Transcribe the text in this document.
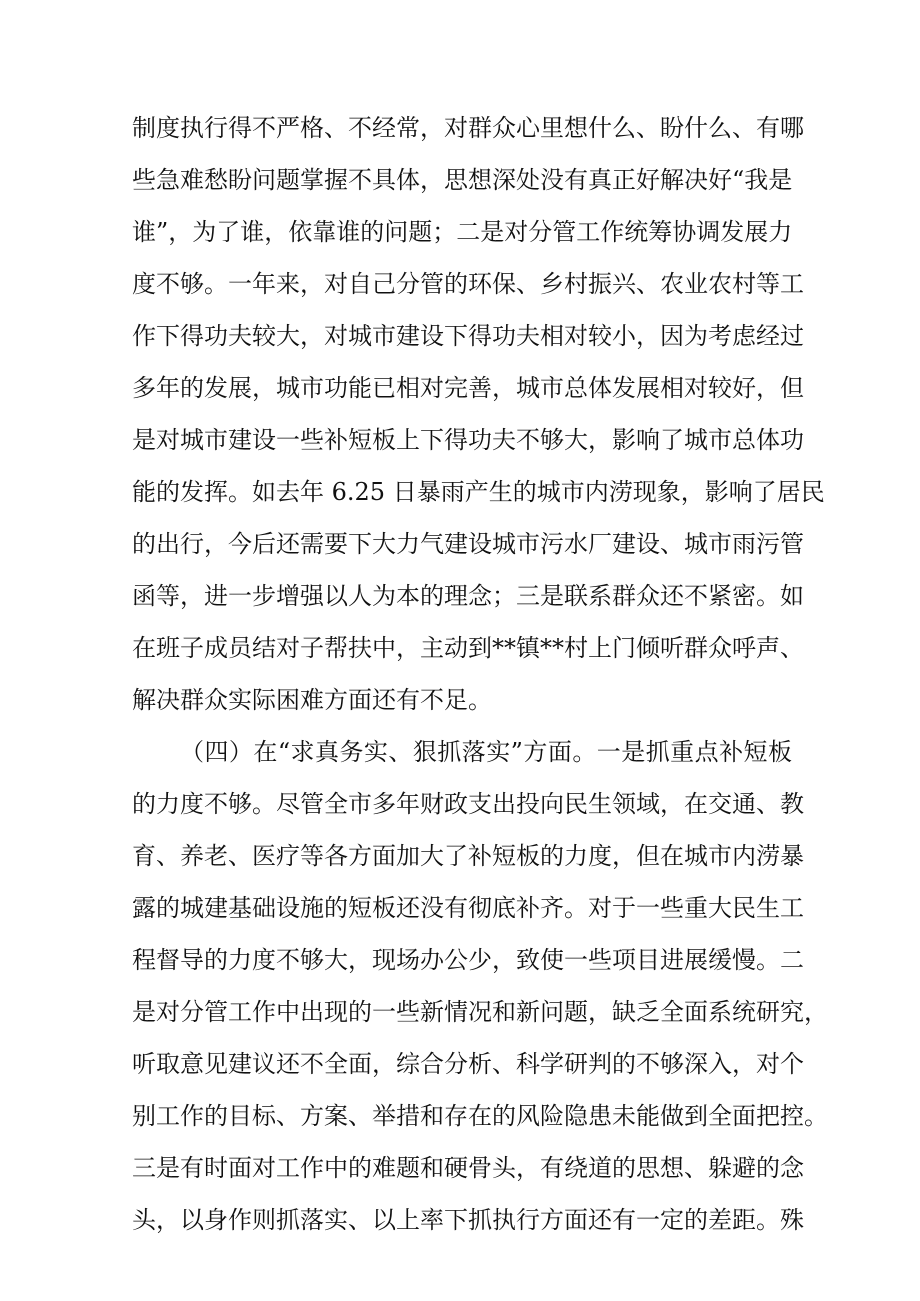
制度执行得不严格、不经常，对群众心里想什么、盼什么、有哪

些急难愁盼问题掌握不具体，思想深处没有真正好解决好“我是

谁”，为了谁，依靠谁的问题；二是对分管工作统筹协调发展力

度不够。一年来，对自己分管的环保、乡村振兴、农业农村等工

作下得功夫较大，对城市建设下得功夫相对较小，因为考虑经过

多年的发展，城市功能已相对完善，城市总体发展相对较好，但

是对城市建设一些补短板上下得功夫不够大，影响了城市总体功

能的发挥。如去年 6.25 日暴雨产生的城市内涝现象，影响了居民

的出行，今后还需要下大力气建设城市污水厂建设、城市雨污管

函等，进一步增强以人为本的理念；三是联系群众还不紧密。如

在班子成员结对子帮扶中，主动到**镇**村上门倾听群众呼声、

解决群众实际困难方面还有不足。

（四）在“求真务实、狠抓落实”方面。一是抓重点补短板

的力度不够。尽管全市多年财政支出投向民生领域，在交通、教

育、养老、医疗等各方面加大了补短板的力度，但在城市内涝暴

露的城建基础设施的短板还没有彻底补齐。对于一些重大民生工

程督导的力度不够大，现场办公少，致使一些项目进展缓慢。二

是对分管工作中出现的一些新情况和新问题，缺乏全面系统研究，

听取意见建议还不全面，综合分析、科学研判的不够深入，对个

别工作的目标、方案、举措和存在的风险隐患未能做到全面把控。

三是有时面对工作中的难题和硬骨头，有绕道的思想、躲避的念

头，以身作则抓落实、以上率下抓执行方面还有一定的差距。殊
